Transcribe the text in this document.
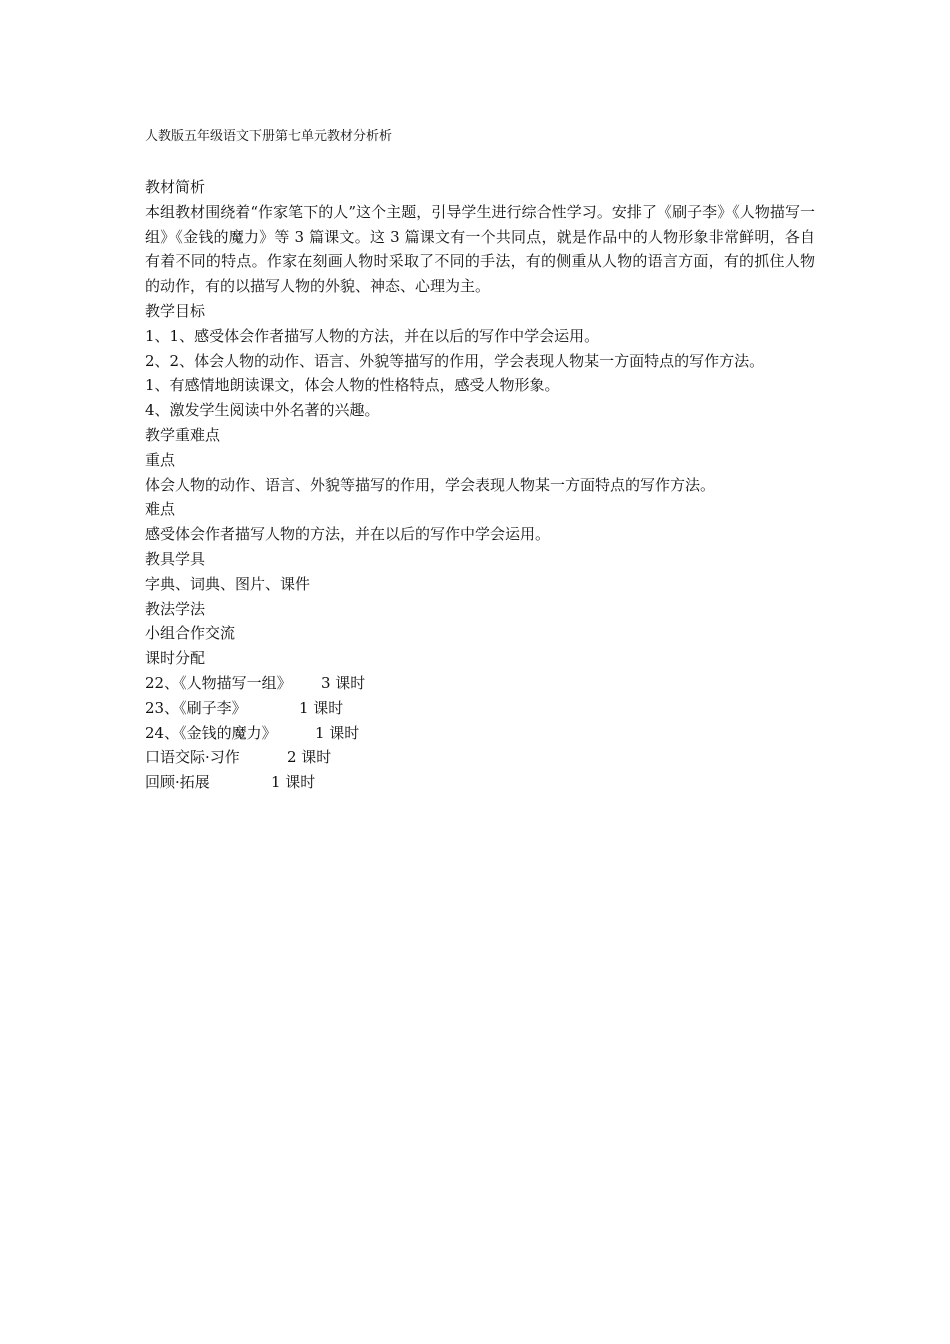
人教版五年级语文下册第七单元教材分析析

教材简析

本组教材围绕着“作家笔下的人”这个主题，引导学生进行综合性学习。安排了《刷子李》《人物描写一组》《金钱的魔力》等 3 篇课文。这 3 篇课文有一个共同点，就是作品中的人物形象非常鲜明，各自有着不同的特点。作家在刻画人物时采取了不同的手法，有的侧重从人物的语言方面，有的抓住人物的动作，有的以描写人物的外貌、神态、心理为主。

教学目标

1、1、感受体会作者描写人物的方法，并在以后的写作中学会运用。

2、2、体会人物的动作、语言、外貌等描写的作用，学会表现人物某一方面特点的写作方法。

1、有感情地朗读课文，体会人物的性格特点，感受人物形象。

4、激发学生阅读中外名著的兴趣。

教学重难点

重点

体会人物的动作、语言、外貌等描写的作用，学会表现人物某一方面特点的写作方法。

难点

感受体会作者描写人物的方法，并在以后的写作中学会运用。

教具学具

字典、词典、图片、课件

教法学法

小组合作交流

课时分配

22、《人物描写一组》 3 课时

23、《刷子李》	1 课时

24、《金钱的魔力》	1 课时

口语交际·习作	2 课时

回顾·拓展	1 课时
